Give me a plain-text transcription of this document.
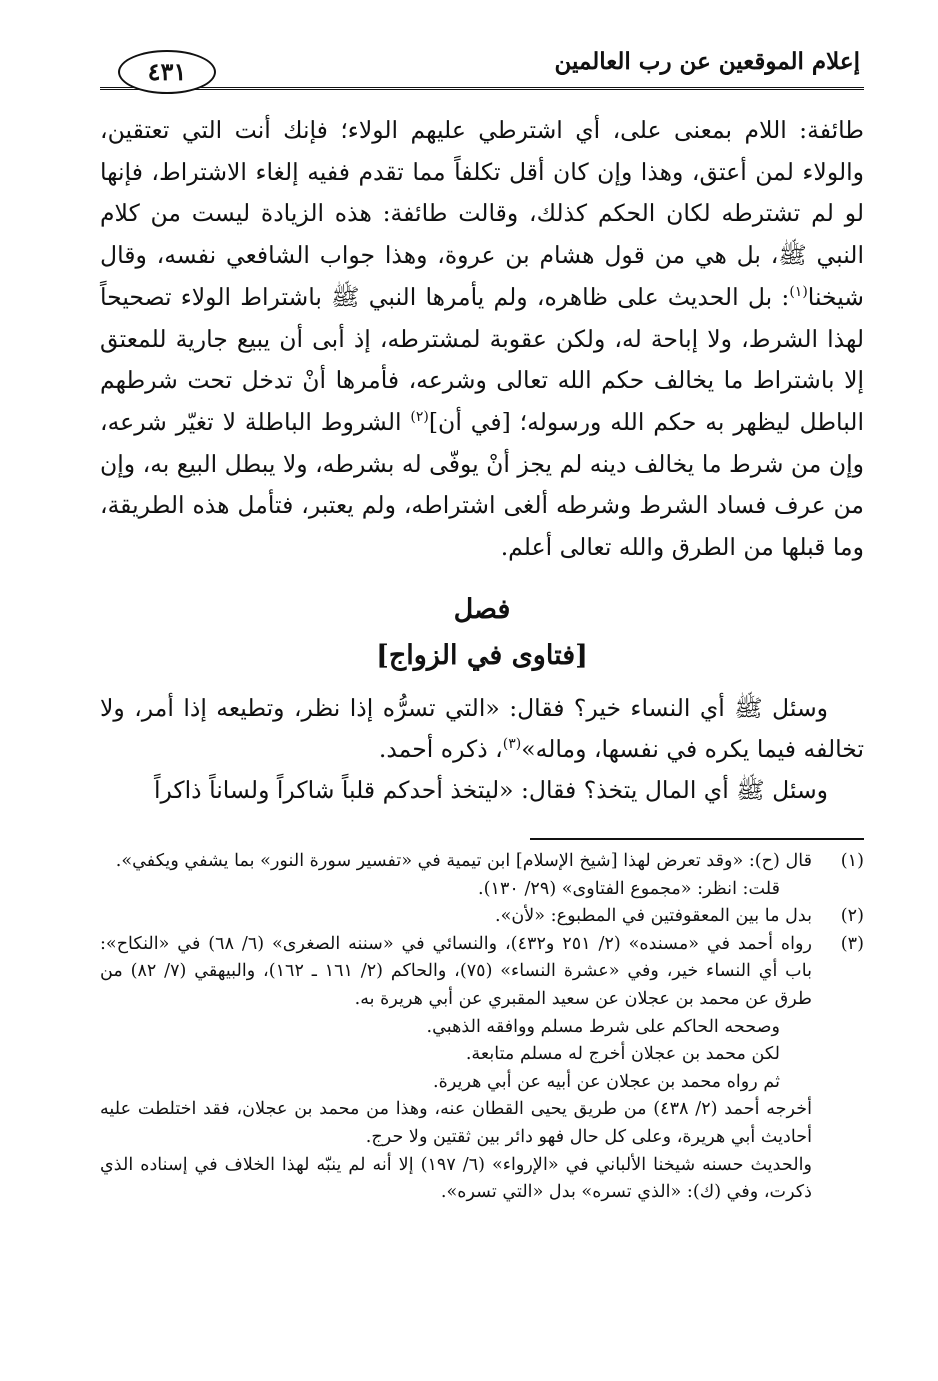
إعلام الموقعين عن رب العالمين
٤٣١

طائفة: اللام بمعنى على، أي اشترطي عليهم الولاء؛ فإنك أنت التي تعتقين، والولاء لمن أعتق، وهذا وإن كان أقل تكلفاً مما تقدم ففيه إلغاء الاشتراط، فإنها لو لم تشترطه لكان الحكم كذلك، وقالت طائفة: هذه الزيادة ليست من كلام النبي ﷺ، بل هي من قول هشام بن عروة، وهذا جواب الشافعي نفسه، وقال شيخنا$^{(١)}$: بل الحديث على ظاهره، ولم يأمرها النبي ﷺ باشتراط الولاء تصحيحاً لهذا الشرط، ولا إباحة له، ولكن عقوبة لمشترطه، إذ أبى أن يبيع جارية للمعتق إلا باشتراط ما يخالف حكم الله تعالى وشرعه، فأمرها أنْ تدخل تحت شرطهم الباطل ليظهر به حكم الله ورسوله؛ [في أن]$^{(٢)}$ الشروط الباطلة لا تغيّر شرعه، وإن من شرط ما يخالف دينه لم يجز أنْ يوفّى له بشرطه، ولا يبطل البيع به، وإن من عرف فساد الشرط وشرطه ألغى اشتراطه، ولم يعتبر، فتأمل هذه الطريقة، وما قبلها من الطرق والله تعالى أعلم.

فصل
[فتاوى في الزواج]

وسئل ﷺ أي النساء خير؟ فقال: «التي تسرُّه إذا نظر، وتطيعه إذا أمر، ولا تخالفه فيما يكره في نفسها، وماله»$^{(٣)}$، ذكره أحمد.

وسئل ﷺ أي المال يتخذ؟ فقال: «ليتخذ أحدكم قلباً شاكراً ولساناً ذاكراً

(١)
قال (ح): «وقد تعرض لهذا [شيخ الإسلام] ابن تيمية في «تفسير سورة النور» بما يشفي ويكفي».
قلت: انظر: «مجموع الفتاوى» (٢٩/ ١٣٠).
(٢)
بدل ما بين المعقوفتين في المطبوع: «لأن».
(٣)
رواه أحمد في «مسنده» (٢/ ٢٥١ و٤٣٢)، والنسائي في «سننه الصغرى» (٦/ ٦٨) في «النكاح»: باب أي النساء خير، وفي «عشرة النساء» (٧٥)، والحاكم (٢/ ١٦١ ـ ١٦٢)، والبيهقي (٧/ ٨٢) من طرق عن محمد بن عجلان عن سعيد المقبري عن أبي هريرة به.
وصححه الحاكم على شرط مسلم ووافقه الذهبي.
لكن محمد بن عجلان أخرج له مسلم متابعة.
ثم رواه محمد بن عجلان عن أبيه عن أبي هريرة.
أخرجه أحمد (٢/ ٤٣٨) من طريق يحيى القطان عنه، وهذا من محمد بن عجلان، فقد اختلطت عليه أحاديث أبي هريرة، وعلى كل حال فهو دائر بين ثقتين ولا حرج.
والحديث حسنه شيخنا الألباني في «الإرواء» (٦/ ١٩٧) إلا أنه لم ينبّه لهذا الخلاف في إسناده الذي ذكرت، وفي (ك): «الذي تسره» بدل «التي تسره».
